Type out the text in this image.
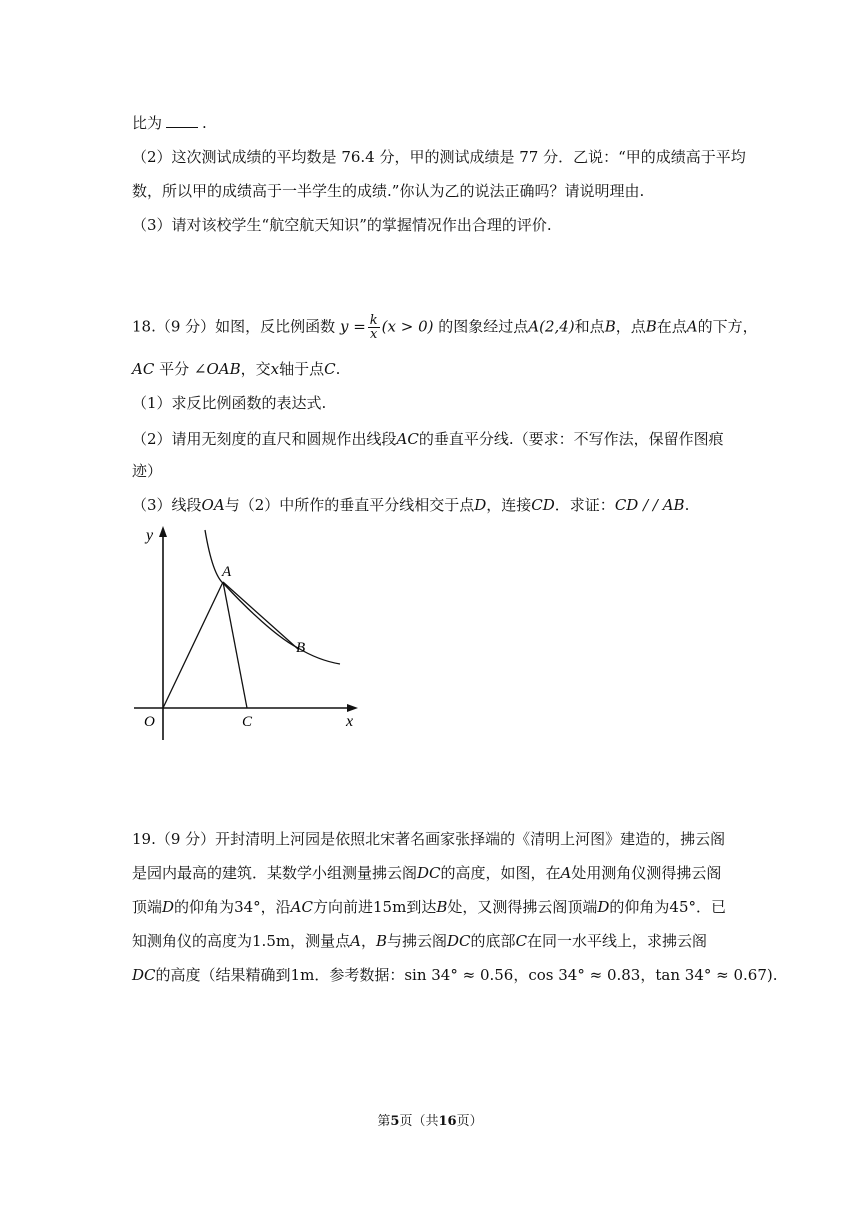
比为	.
（2）这次测试成绩的平均数是 76.4 分，甲的测试成绩是 77 分．乙说：“甲的成绩高于平均
数，所以甲的成绩高于一半学生的成绩.”你认为乙的说法正确吗？请说明理由.
（3）请对该校学生“航空航天知识”的掌握情况作出合理的评价.
18.（9 分）如图，反比例函数 $y = \frac{k}{x} (x > 0)$ 的图象经过点A(2,4)和点B，点B在点A的下方，
AC 平分 ∠OAB，交x轴于点C.
（1）求反比例函数的表达式.
（2）请用无刻度的直尺和圆规作出线段AC的垂直平分线.（要求：不写作法，保留作图痕
迹）
（3）线段OA与（2）中所作的垂直平分线相交于点D，连接CD．求证：CD / / AB.
y
x
O
A
B
C
19.（9 分）开封清明上河园是依照北宋著名画家张择端的《清明上河图》建造的，拂云阁
是园内最高的建筑．某数学小组测量拂云阁DC的高度，如图，在A处用测角仪测得拂云阁
顶端D的仰角为34°，沿AC方向前进15m到达B处，又测得拂云阁顶端D的仰角为45°．已
知测角仪的高度为1.5m，测量点A，B与拂云阁DC的底部C在同一水平线上，求拂云阁
DC的高度（结果精确到1m．参考数据：sin 34° ≈ 0.56，cos 34° ≈ 0.83，tan 34° ≈ 0.67).
第5页（共16页）
